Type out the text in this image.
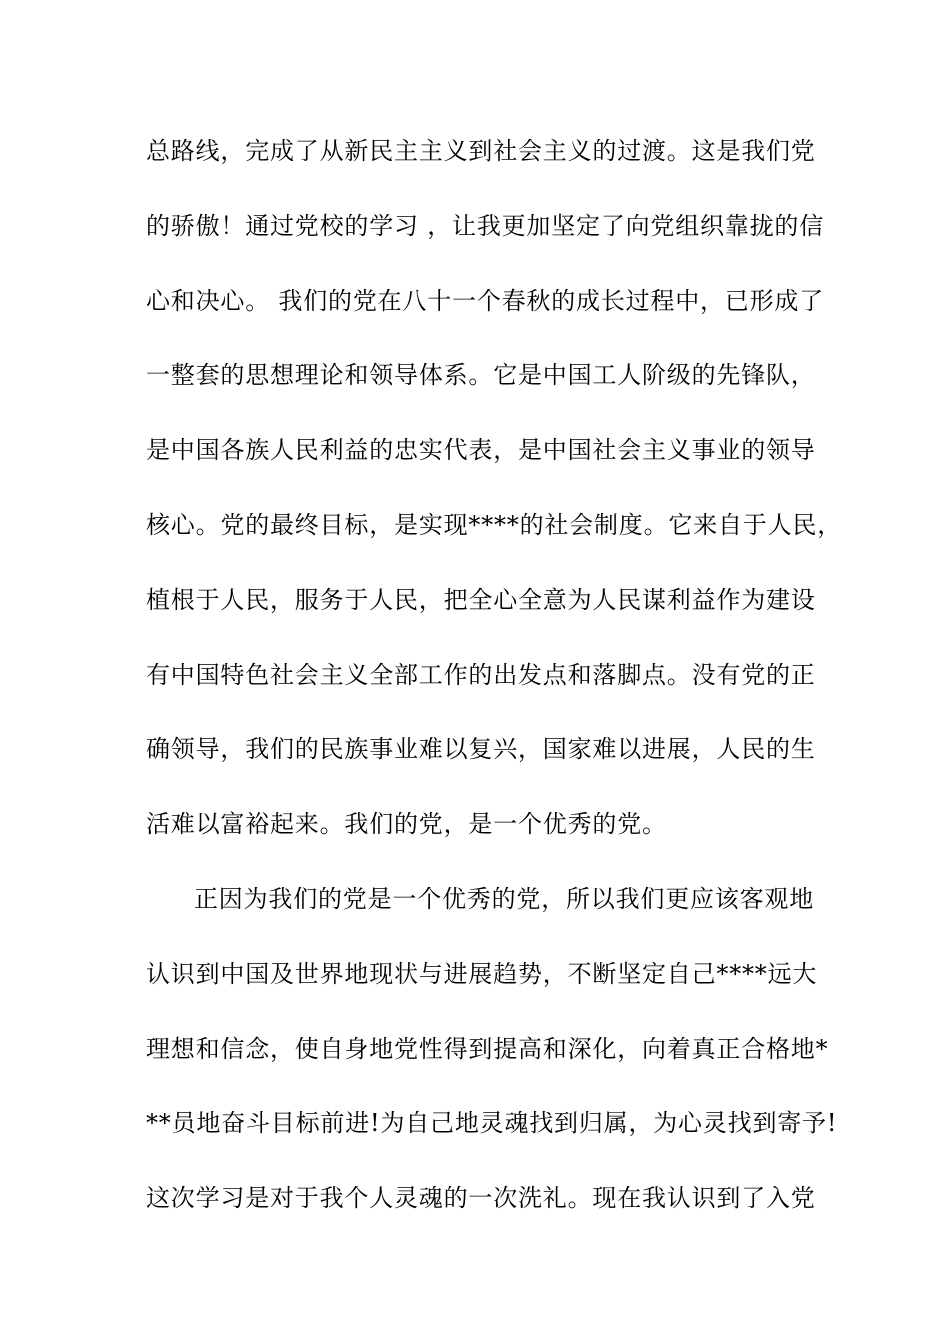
总路线，完成了从新民主主义到社会主义的过渡。这是我们党
的骄傲！通过党校的学习 ，让我更加坚定了向党组织靠拢的信
心和决心。 我们的党在八十一个春秋的成长过程中，已形成了
一整套的思想理论和领导体系。它是中国工人阶级的先锋队，
是中国各族人民利益的忠实代表，是中国社会主义事业的领导
核心。党的最终目标，是实现****的社会制度。它来自于人民，
植根于人民，服务于人民，把全心全意为人民谋利益作为建设
有中国特色社会主义全部工作的出发点和落脚点。没有党的正
确领导，我们的民族事业难以复兴，国家难以进展，人民的生
活难以富裕起来。我们的党，是一个优秀的党。
正因为我们的党是一个优秀的党，所以我们更应该客观地
认识到中国及世界地现状与进展趋势，不断坚定自己****远大
理想和信念，使自身地党性得到提高和深化，向着真正合格地*
**员地奋斗目标前进!为自己地灵魂找到归属，为心灵找到寄予!
这次学习是对于我个人灵魂的一次洗礼。现在我认识到了入党
